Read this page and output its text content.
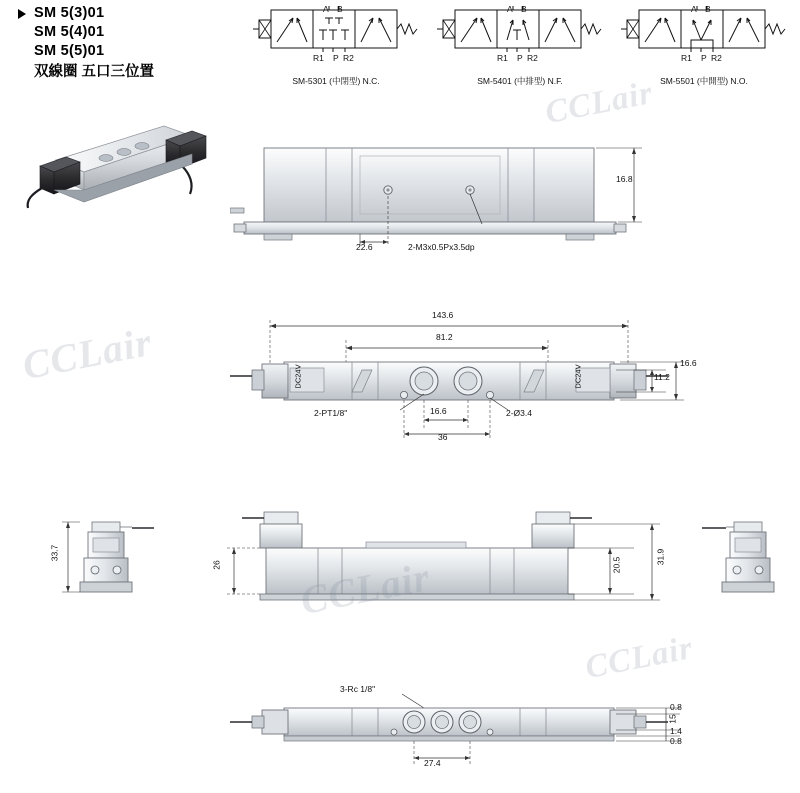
SM 5(3)01
SM 5(4)01
SM 5(5)01
双線圈 五口三位置
A B
R1 P R2
SM-5301 (中閉型) N.C.
A B
R1 P R2
SM-5401 (中排型) N.F.
A B
R1 P R2
SM-5501 (中開型) N.O.
22.6	2-M3x0.5Px3.5dp
16.8
143.6
81.2
16.6
36
11.2
16.6
2-PT1/8"	2-Ø3.4
DC24V	DC24V
33.7
26	20.5	31.9
3-Rc 1/8"
27.4
0.8
15
1.4
0.8
CCLair
CCLair
CCLair
CCLair
